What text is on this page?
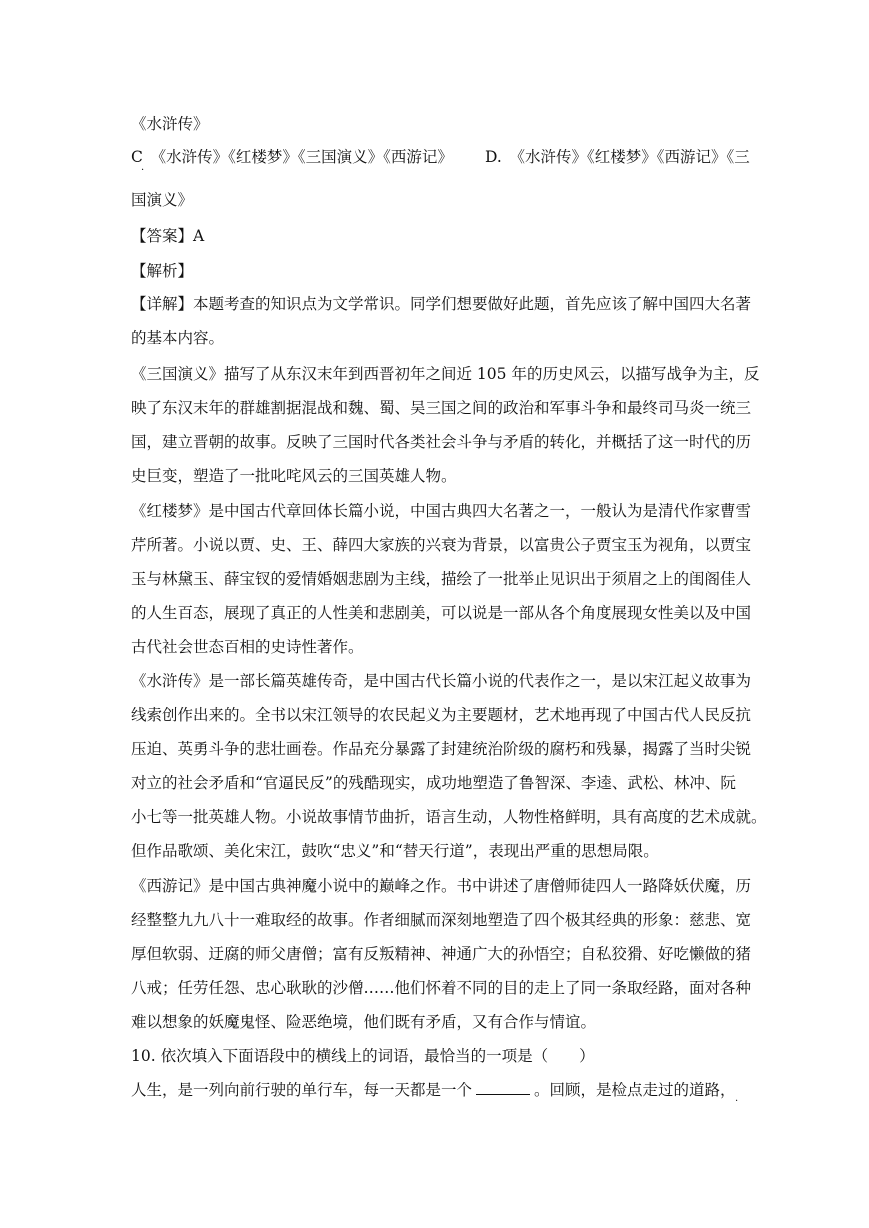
《水浒传》
C　《水浒传》《红楼梦》《三国演义》《西游记》
·
D.　《水浒传》《红楼梦》《西游记》《三
国演义》
【答案】A
【解析】
【详解】本题考查的知识点为文学常识。同学们想要做好此题，首先应该了解中国四大名著
的基本内容。
《三国演义》描写了从东汉末年到西晋初年之间近 105 年的历史风云，以描写战争为主，反
映了东汉末年的群雄割据混战和魏、蜀、吴三国之间的政治和军事斗争和最终司马炎一统三
国，建立晋朝的故事。反映了三国时代各类社会斗争与矛盾的转化，并概括了这一时代的历
史巨变，塑造了一批叱咤风云的三国英雄人物。
《红楼梦》是中国古代章回体长篇小说，中国古典四大名著之一，一般认为是清代作家曹雪
芹所著。小说以贾、史、王、薛四大家族的兴衰为背景，以富贵公子贾宝玉为视角，以贾宝
玉与林黛玉、薛宝钗的爱情婚姻悲剧为主线，描绘了一批举止见识出于须眉之上的闺阁佳人
的人生百态，展现了真正的人性美和悲剧美，可以说是一部从各个角度展现女性美以及中国
古代社会世态百相的史诗性著作。
《水浒传》是一部长篇英雄传奇，是中国古代长篇小说的代表作之一，是以宋江起义故事为
线索创作出来的。全书以宋江领导的农民起义为主要题材，艺术地再现了中国古代人民反抗
压迫、英勇斗争的悲壮画卷。作品充分暴露了封建统治阶级的腐朽和残暴，揭露了当时尖锐
对立的社会矛盾和“官逼民反”的残酷现实，成功地塑造了鲁智深、李逵、武松、林冲、阮
小七等一批英雄人物。小说故事情节曲折，语言生动，人物性格鲜明，具有高度的艺术成就。
但作品歌颂、美化宋江，鼓吹“忠义”和“替天行道”，表现出严重的思想局限。
《西游记》是中国古典神魔小说中的巅峰之作。书中讲述了唐僧师徒四人一路降妖伏魔，历
经整整九九八十一难取经的故事。作者细腻而深刻地塑造了四个极其经典的形象：慈悲、宽
厚但软弱、迂腐的师父唐僧；富有反叛精神、神通广大的孙悟空；自私狡猾、好吃懒做的猪
八戒；任劳任怨、忠心耿耿的沙僧……他们怀着不同的目的走上了同一条取经路，面对各种
难以想象的妖魔鬼怪、险恶绝境，他们既有矛盾，又有合作与情谊。
10. 依次填入下面语段中的横线上的词语，最恰当的一项是（　　）
人生，是一列向前行驶的单行车，每一天都是一个	。回顾，是检点走过的道路， .
